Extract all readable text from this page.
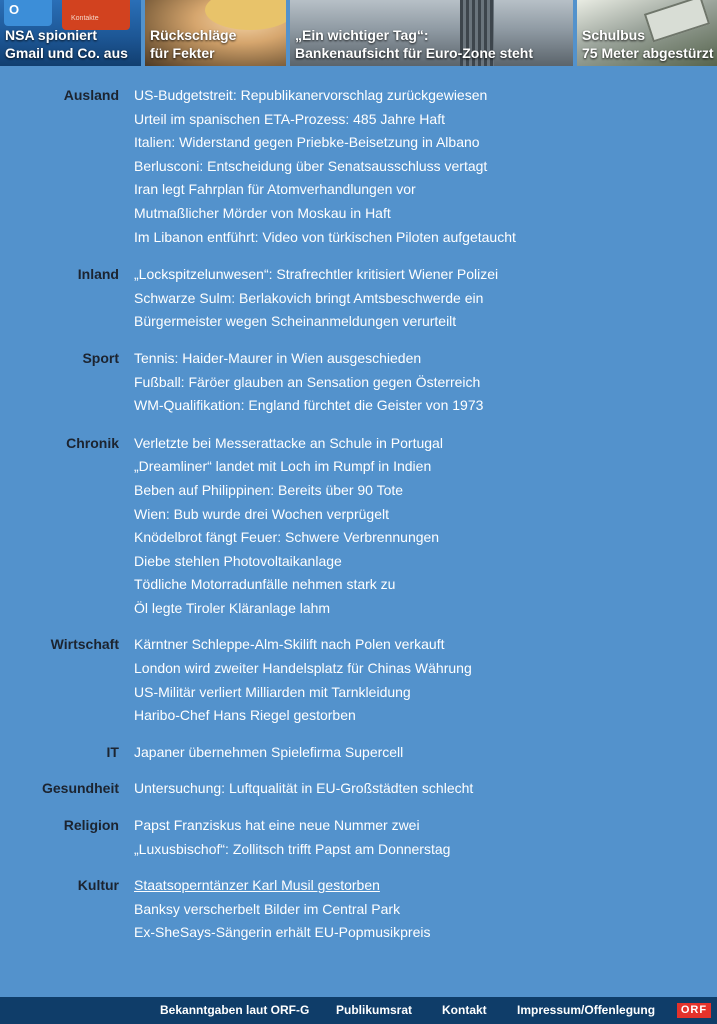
O
Kontakte
NSA spioniert
Gmail und Co. aus
Rückschläge
für Fekter
„Ein wichtiger Tag“:
Bankenaufsicht für Euro-Zone steht
Schulbus
75 Meter abgestürzt
Ausland	US-Budgetstreit: Republikanervorschlag zurückgewiesen
Urteil im spanischen ETA-Prozess: 485 Jahre Haft
Italien: Widerstand gegen Priebke-Beisetzung in Albano
Berlusconi: Entscheidung über Senatsausschluss vertagt
Iran legt Fahrplan für Atomverhandlungen vor
Mutmaßlicher Mörder von Moskau in Haft
Im Libanon entführt: Video von türkischen Piloten aufgetaucht
Inland	„Lockspitzelunwesen“: Strafrechtler kritisiert Wiener Polizei
Schwarze Sulm: Berlakovich bringt Amtsbeschwerde ein
Bürgermeister wegen Scheinanmeldungen verurteilt
Sport	Tennis: Haider-Maurer in Wien ausgeschieden
Fußball: Färöer glauben an Sensation gegen Österreich
WM-Qualifikation: England fürchtet die Geister von 1973
Chronik	Verletzte bei Messerattacke an Schule in Portugal
„Dreamliner“ landet mit Loch im Rumpf in Indien
Beben auf Philippinen: Bereits über 90 Tote
Wien: Bub wurde drei Wochen verprügelt
Knödelbrot fängt Feuer: Schwere Verbrennungen
Diebe stehlen Photovoltaikanlage
Tödliche Motorradunfälle nehmen stark zu
Öl legte Tiroler Kläranlage lahm
Wirtschaft	Kärntner Schleppe-Alm-Skilift nach Polen verkauft
London wird zweiter Handelsplatz für Chinas Währung
US-Militär verliert Milliarden mit Tarnkleidung
Haribo-Chef Hans Riegel gestorben
IT	Japaner übernehmen Spielefirma Supercell
Gesundheit	Untersuchung: Luftqualität in EU-Großstädten schlecht
Religion	Papst Franziskus hat eine neue Nummer zwei
„Luxusbischof“: Zollitsch trifft Papst am Donnerstag
Kultur	Staatsoperntänzer Karl Musil gestorben
Banksy verscherbelt Bilder im Central Park
Ex-SheSays-Sängerin erhält EU-Popmusikpreis
Bekanntgaben laut ORF-G Publikumsrat Kontakt	Impressum/Offenlegung	ORF
